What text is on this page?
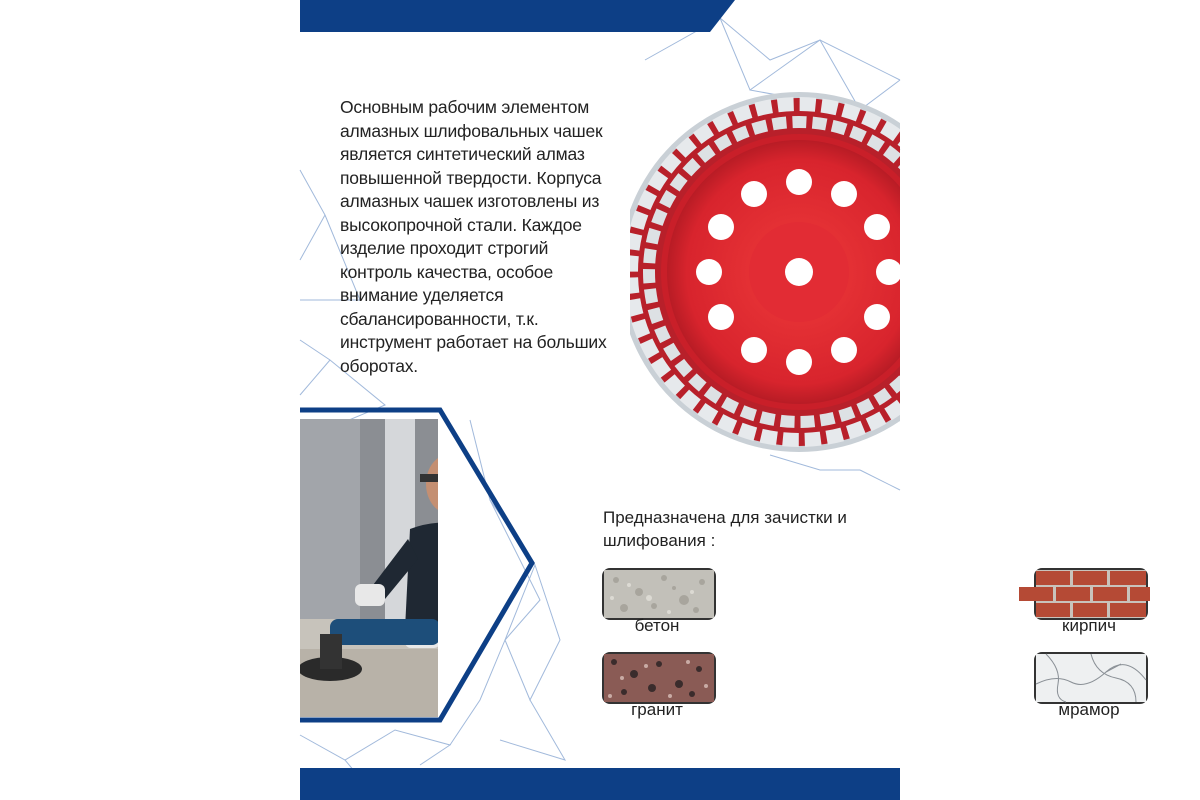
Основным рабочим элементом алмазных шлифовальных чашек является синтетический алмаз повышенной твердости. Корпуса алмазных чашек изготовлены из высокопрочной стали. Каждое изделие проходит строгий контроль качества, особое внимание уделяется сбалансированности, т.к. инструмент работает на больших оборотах.
Предназначена для зачистки и шлифования :
бетон	кирпич
гранит	мрамор
